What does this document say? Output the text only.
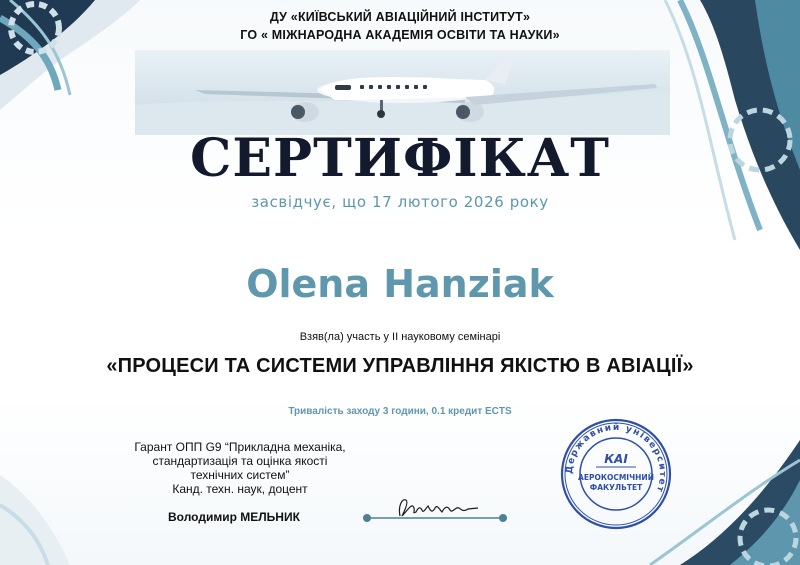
ДУ «КИЇВСЬКИЙ АВІАЦІЙНИЙ ІНСТИТУТ»
ГО « МІЖНАРОДНА АКАДЕМІЯ ОСВІТИ ТА НАУКИ»
СЕРТИФІКАТ
засвідчує, що 17 лютого 2026 року
Olena Hanziak
Взяв(ла) участь у ІІ науковому семінарі
«ПРОЦЕСИ ТА СИСТЕМИ УПРАВЛІННЯ ЯКІСТЮ В АВІАЦІЇ»
Тривалість заходу 3 години, 0.1 кредит ECTS
Гарант ОПП G9 “Прикладна механіка,
стандартизація та оцінка якості
технічних систем”
Канд. техн. наук, доцент
Володимир МЕЛЬНИК
Державний університет
КАІ
АЕРОКОСМІЧНИЙ
ФАКУЛЬТЕТ
